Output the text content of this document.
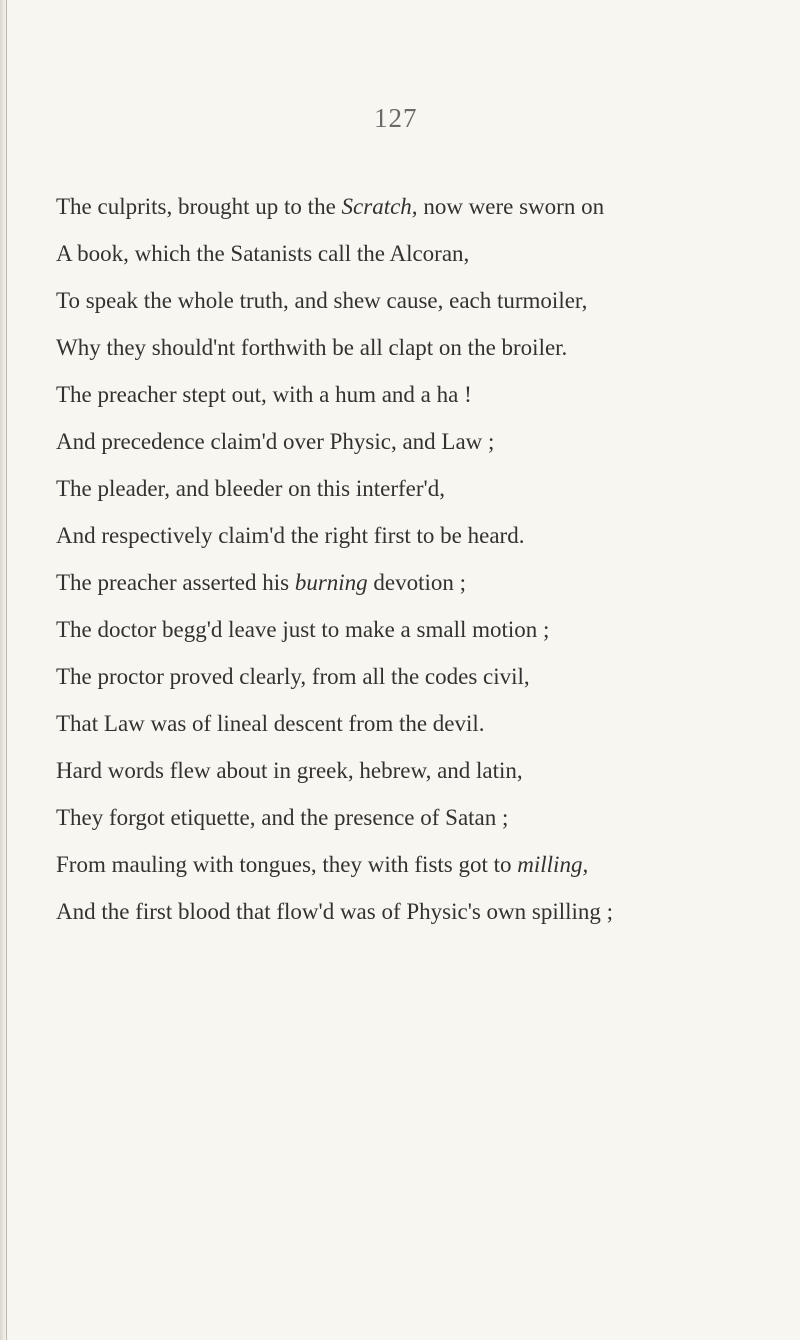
127
The culprits, brought up to the Scratch, now were sworn on
A book, which the Satanists call the Alcoran,
To speak the whole truth, and shew cause, each turmoiler,
Why they should'nt forthwith be all clapt on the broiler.
The preacher stept out, with a hum and a ha !
And precedence claim'd over Physic, and Law ;
The pleader, and bleeder on this interfer'd,
And respectively claim'd the right first to be heard.
The preacher asserted his burning devotion ;
The doctor begg'd leave just to make a small motion ;
The proctor proved clearly, from all the codes civil,
That Law was of lineal descent from the devil.
Hard words flew about in greek, hebrew, and latin,
They forgot etiquette, and the presence of Satan ;
From mauling with tongues, they with fists got to milling,
And the first blood that flow'd was of Physic's own spilling ;
